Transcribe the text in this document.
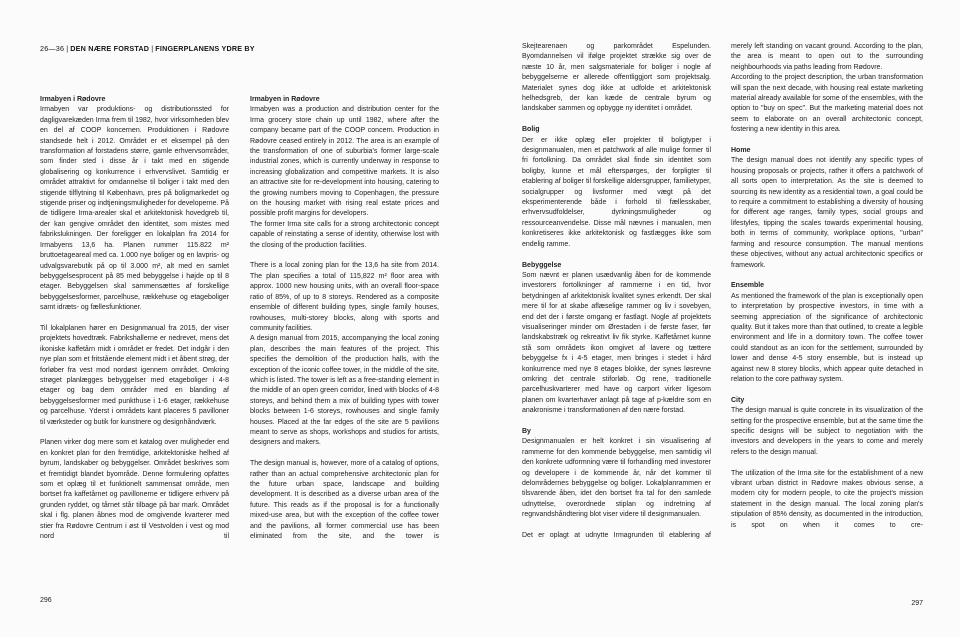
26—36 | DEN NÆRE FORSTAD | FINGERPLANENS YDRE BY

Irmabyen i Rødovre

Irmabyen var produktions- og distributionssted for dagligvarekæden Irma frem til 1982, hvor virksomheden blev en del af COOP koncernen. Produktionen i Rødovre standsede helt i 2012. Området er et eksempel på den transformation af forstadens større, gamle erhvervsområder, som finder sted i disse år i takt med en stigende globalisering og konkurrence i erhvervslivet. Samtidig er området attraktivt for omdannelse til boliger i takt med den stigende tilflytning til København, pres på boligmarkedet og stigende priser og indtjeningsmuligheder for developerne. På de tidligere Irma-arealer skal et arkitektonisk hovedgreb til, der kan gengive området den identitet, som mistes med fabrikslukningen. Der foreligger en lokalplan fra 2014 for Irmabyens 13,6 ha. Planen rummer 115.822 m² bruttoetageareal med ca. 1.000 nye boliger og en lavpris- og udvalgsvarebutik på op til 3.000 m², alt med en samlet bebyggelsesprocent på 85 med bebyggelse i højde op til 8 etager. Bebyggelsen skal sammensættes af forskellige bebyggelsesformer, parcelhuse, rækkehuse og etageboliger samt idræts- og fællesfunktioner.

Til lokalplanen hører en Designmanual fra 2015, der viser projektets hovedtræk. Fabrikshallerne er nedrevet, mens det ikoniske kaffetårn midt i området er fredet. Det indgår i den nye plan som et fritstående element midt i et åbent strøg, der forløber fra vest mod nordøst igennem området. Omkring strøget planlægges bebyggelser med etageboliger i 4-8 etager og bag dem områder med en blanding af bebyggelsesformer med punkthuse i 1-6 etager, rækkehuse og parcelhuse. Yderst i områdets kant placeres 5 pavilloner til værksteder og butik for kunstnere og designhåndværk.

Planen virker dog mere som et katalog over muligheder end en konkret plan for den fremtidige, arkitektoniske helhed af byrum, landskaber og bebyggelser. Området beskrives som et fremtidigt blandet byområde. Denne formulering opfattes som et oplæg til et funktionelt sammensat område, men bortset fra kaffetårnet og pavillonerne er tidligere erhverv på grunden ryddet, og tårnet står tilbage på bar mark. Området skal i flg. planen åbnes mod de omgivende kvarterer med stier fra Rødovre Centrum i øst til Vestvolden i vest og mod nord til

Irmabyen in Rødovre

Irmabyen was a production and distribution center for the Irma grocery store chain up until 1982, where after the company became part of the COOP concern. Production in Rødovre ceased entirely in 2012. The area is an example of the transformation of one of suburbia's former large-scale industrial zones, which is currently underway in response to increasing globalization and competitive markets. It is also an attractive site for re-development into housing, catering to the growing numbers moving to Copenhagen, the pressure on the housing market with rising real estate prices and possible profit margins for developers.

The former Irma site calls for a strong architectonic concept capable of reinstating a sense of identity, otherwise lost with the closing of the production facilities.

There is a local zoning plan for the 13,6 ha site from 2014. The plan specifies a total of 115,822 m² floor area with approx. 1000 new housing units, with an overall floor-space ratio of 85%, of up to 8 storeys. Rendered as a composite ensemble of different building types, single family houses, rowhouses, multi-storey blocks, along with sports and community facilities.

A design manual from 2015, accompanying the local zoning plan, describes the main features of the project. This specifies the demolition of the production halls, with the exception of the iconic coffee tower, in the middle of the site, which is listed. The tower is left as a free-standing element in the middle of an open green corridor, lined with blocks of 4-8 storeys, and behind them a mix of building types with tower blocks between 1-6 storeys, rowhouses and single family houses. Placed at the far edges of the site are 5 pavilions meant to serve as shops, workshops and studios for artists, designers and makers.

The design manual is, however, more of a catalog of options, rather than an actual comprehensive architectonic plan for the future urban space, landscape and building development. It is described as a diverse urban area of the future. This reads as if the proposal is for a functionally mixed-use area, but with the exception of the coffee tower and the pavilions, all former commercial use has been eliminated from the site, and the tower is

296

Skejtearenaen og parkområdet Espelunden. Byomdannelsen vil ifølge projektet strække sig over de næste 10 år, men salgsmateriale for boliger i nogle af bebyggelserne er allerede offentliggjort som projektsalg. Materialet synes dog ikke at udfolde et arkitektonisk helhedsgreb, der kan kæde de centrale byrum og landskaber sammen og opbygge ny identitet i området.

Bolig

Der er ikke oplæg eller projekter til boligtyper i designmanualen, men et patchwork af alle mulige former til fri fortolkning. Da området skal finde sin identitet som boligby, kunne et mål efterspørges, der forpligter til etablering af boliger til forskellige aldersgrupper, familietyper, socialgrupper og livsformer med vægt på det eksperimenterende både i forhold til fællesskaber, erhvervsudfoldelser, dyrkningsmuligheder og ressourceanvendelse. Disse mål nævnes i manualen, men konkretiseres ikke arkitektonisk og fastlægges ikke som endelig ramme.

Bebyggelse

Som nævnt er planen usædvanlig åben for de kommende investorers fortolkninger af rammerne i en tid, hvor betydningen af arkitektonisk kvalitet synes erkendt. Der skal mere til for at skabe aflæselige rammer og liv i sovebyen, end det der i første omgang er fastlagt. Nogle af projektets visualiseringer minder om Ørestaden i de første faser, før landskabstræk og rekreativt liv fik styrke. Kaffetårnet kunne stå som områdets ikon omgivet af lavere og tættere bebyggelse fx i 4-5 etager, men bringes i stedet i hård konkurrence med nye 8 etages blokke, der synes løsrevne omkring det centrale stiforløb. Og rene, traditionelle parcelhuskvarterer med have og carport virker ligesom planen om kvarterhaver anlagt på tage af p-kældre som en anakronisme i transformationen af den nære forstad.

By

Designmanualen er helt konkret i sin visualisering af rammerne for den kommende bebyggelse, men samtidig vil den konkrete udformning være til forhandling med investorer og developere i de kommende år, når det kommer til delområdernes bebyggelse og boliger. Lokalplanrammen er tilsvarende åben, idet den bortset fra tal for den samlede udnyttelse, overordnede stiplan og indretning af regnvandshåndtering blot viser videre til designmanualen.

Det er oplagt at udnytte Irmagrunden til etablering af

merely left standing on vacant ground. According to the plan, the area is meant to open out to the surrounding neighbourhoods via paths leading from Rødovre.

According to the project description, the urban transformation will span the next decade, with housing real estate marketing material already available for some of the ensembles, with the option to "buy on spec". But the marketing material does not seem to elaborate on an overall architectonic concept, fostering a new identity in this area.

Home

The design manual does not identify any specific types of housing proposals or projects, rather it offers a patchwork of all sorts open to interpretation. As the site is deemed to sourcing its new identity as a residential town, a goal could be to require a commitment to establishing a diversity of housing for different age ranges, family types, social groups and lifestyles, tipping the scales towards experimental housing, both in terms of community, workplace options, "urban" farming and resource consumption. The manual mentions these objectives, without any actual architectonic specifics or framework.

Ensemble

As mentioned the framework of the plan is exceptionally open to interpretation by prospective investors, in time with a seeming appreciation of the significance of architectonic quality. But it takes more than that outlined, to create a legible environment and life in a dormitory town. The coffee tower could standout as an icon for the settlement, surrounded by lower and dense 4-5 story ensemble, but is instead up against new 8 storey blocks, which appear quite detached in relation to the core pathway system.

City

The design manual is quite concrete in its visualization of the setting for the prospective ensemble, but at the same time the specific designs will be subject to negotiation with the investors and developers in the years to come and merely refers to the design manual.

The utilization of the Irma site for the establishment of a new vibrant urban district in Rødovre makes obvious sense, a modern city for modern people, to cite the project's mission statement in the design manual. The local zoning plan's stipulation of 85% density, as documented in the introduction, is spot on when it comes to cre-

297
